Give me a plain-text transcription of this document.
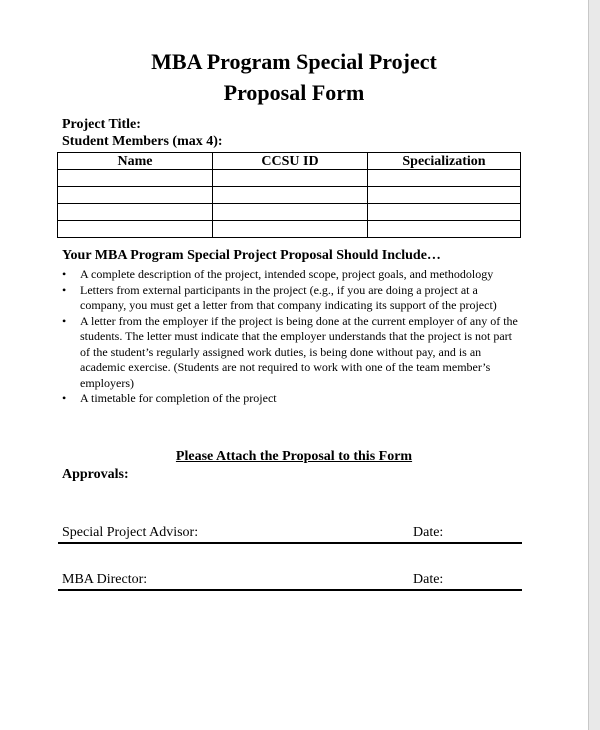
MBA Program Special Project
Proposal Form
Project Title:
Student Members (max 4):
Name	CCSU ID	Specialization

Your MBA Program Special Project Proposal Should Include…
• A complete description of the project, intended scope, project goals, and methodology
• Letters from external participants in the project (e.g., if you are doing a project at a company, you must get a letter from that company indicating its support of the project)
• A letter from the employer if the project is being done at the current employer of any of the students. The letter must indicate that the employer understands that the project is not part of the student’s regularly assigned work duties, is being done without pay, and is an academic exercise. (Students are not required to work with one of the team member’s employers)
• A timetable for completion of the project
Please Attach the Proposal to this Form
Approvals:
Special Project Advisor:	Date:
MBA Director:	Date:
